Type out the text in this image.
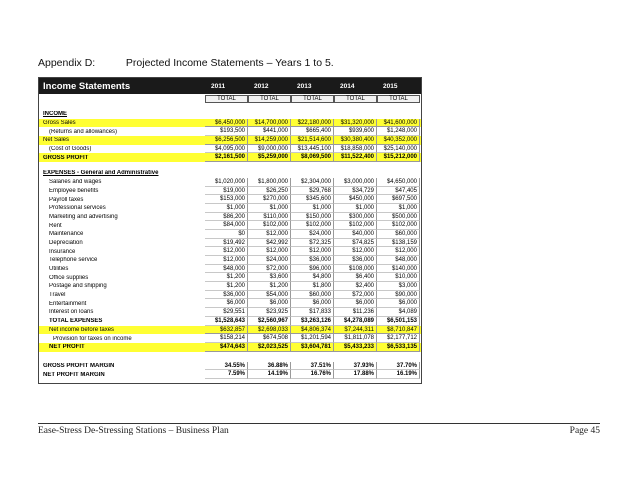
Appendix D:	Projected Income Statements – Years 1 to 5.
Income Statements	2011	2012	2013	2014	2015
TOTAL	TOTAL	TOTAL	TOTAL	TOTAL
INCOME
Gross Sales	$6,450,000	$14,700,000	$22,180,000	$31,320,000	$41,600,000
(Returns and allowances)	$193,500	$441,000	$665,400	$939,600	$1,248,000
Net Sales	$6,256,500	$14,259,000	$21,514,600	$30,380,400	$40,352,000
(Cost of Goods)	$4,095,000	$9,000,000	$13,445,100	$18,858,000	$25,140,000
GROSS PROFIT	$2,161,500	$5,259,000	$8,069,500	$11,522,400	$15,212,000
EXPENSES - General and Administrative
Salaries and wages	$1,020,000	$1,800,000	$2,304,000	$3,000,000	$4,650,000
Employee benefits	$19,000	$26,250	$29,768	$34,729	$47,405
Payroll taxes	$153,000	$270,000	$345,600	$450,000	$697,500
Professional services	$1,000	$1,000	$1,000	$1,000	$1,000
Marketing and advertising	$86,200	$110,000	$150,000	$300,000	$500,000
Rent	$84,000	$102,000	$102,000	$102,000	$102,000
Maintenance	$0	$12,000	$24,000	$40,000	$60,000
Depreciation	$19,492	$42,992	$72,325	$74,825	$138,159
Insurance	$12,000	$12,000	$12,000	$12,000	$12,000
Telephone service	$12,000	$24,000	$36,000	$36,000	$48,000
Utilities	$48,000	$72,000	$96,000	$108,000	$140,000
Office supplies	$1,200	$3,600	$4,800	$6,400	$10,000
Postage and shipping	$1,200	$1,200	$1,800	$2,400	$3,000
Travel	$36,000	$54,000	$60,000	$72,000	$90,000
Entertainment	$6,000	$6,000	$6,000	$6,000	$6,000
Interest on loans	$29,551	$23,925	$17,833	$11,236	$4,089
TOTAL EXPENSES	$1,528,643	$2,560,967	$3,263,126	$4,278,089	$6,501,153
Net income before taxes	$632,857	$2,698,033	$4,806,374	$7,244,311	$8,710,847
Provision for taxes on income	$158,214	$674,508	$1,201,594	$1,811,078	$2,177,712
NET PROFIT	$474,643	$2,023,525	$3,604,781	$5,433,233	$6,533,135
GROSS PROFIT MARGIN	34.55%	36.88%	37.51%	37.93%	37.70%
NET PROFIT MARGIN	7.59%	14.19%	16.76%	17.88%	16.19%
Ease-Stress De-Stressing Stations – Business Plan	Page 45
